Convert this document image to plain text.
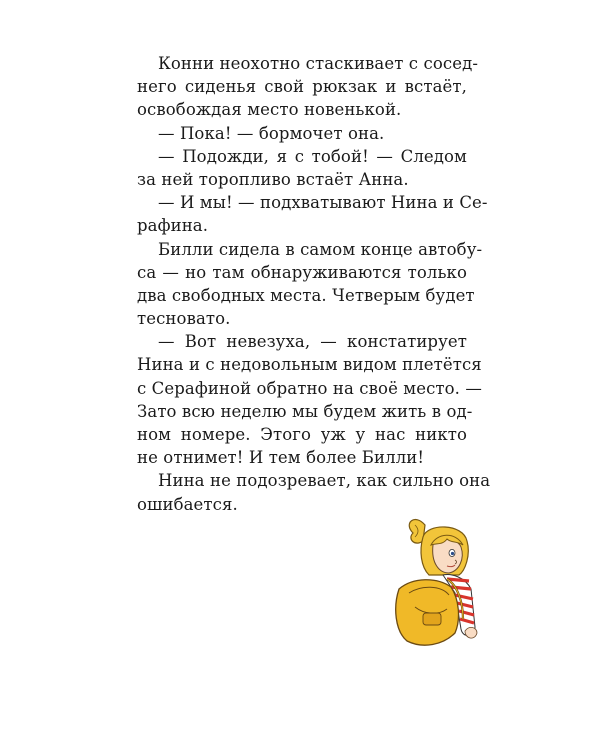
Конни неохотно стаскивает с сосед-
него сиденья свой рюкзак и встаёт,
освобождая место новенькой.
— Пока! — бормочет она.
— Подожди, я с тобой! — Следом
за ней торопливо встаёт Анна.
— И мы! — подхватывают Нина и Се-
рафина.
Билли сидела в самом конце автобу-
са — но там обнаруживаются только
два свободных места. Четверым будет
тесновато.
— Вот невезуха, — констатирует
Нина и с недовольным видом плетётся
с Серафиной обратно на своё место. —
Зато всю неделю мы будем жить в од-
ном номере. Этого уж у нас никто
не отнимет! И тем более Билли!
Нина не подозревает, как сильно она
ошибается.
